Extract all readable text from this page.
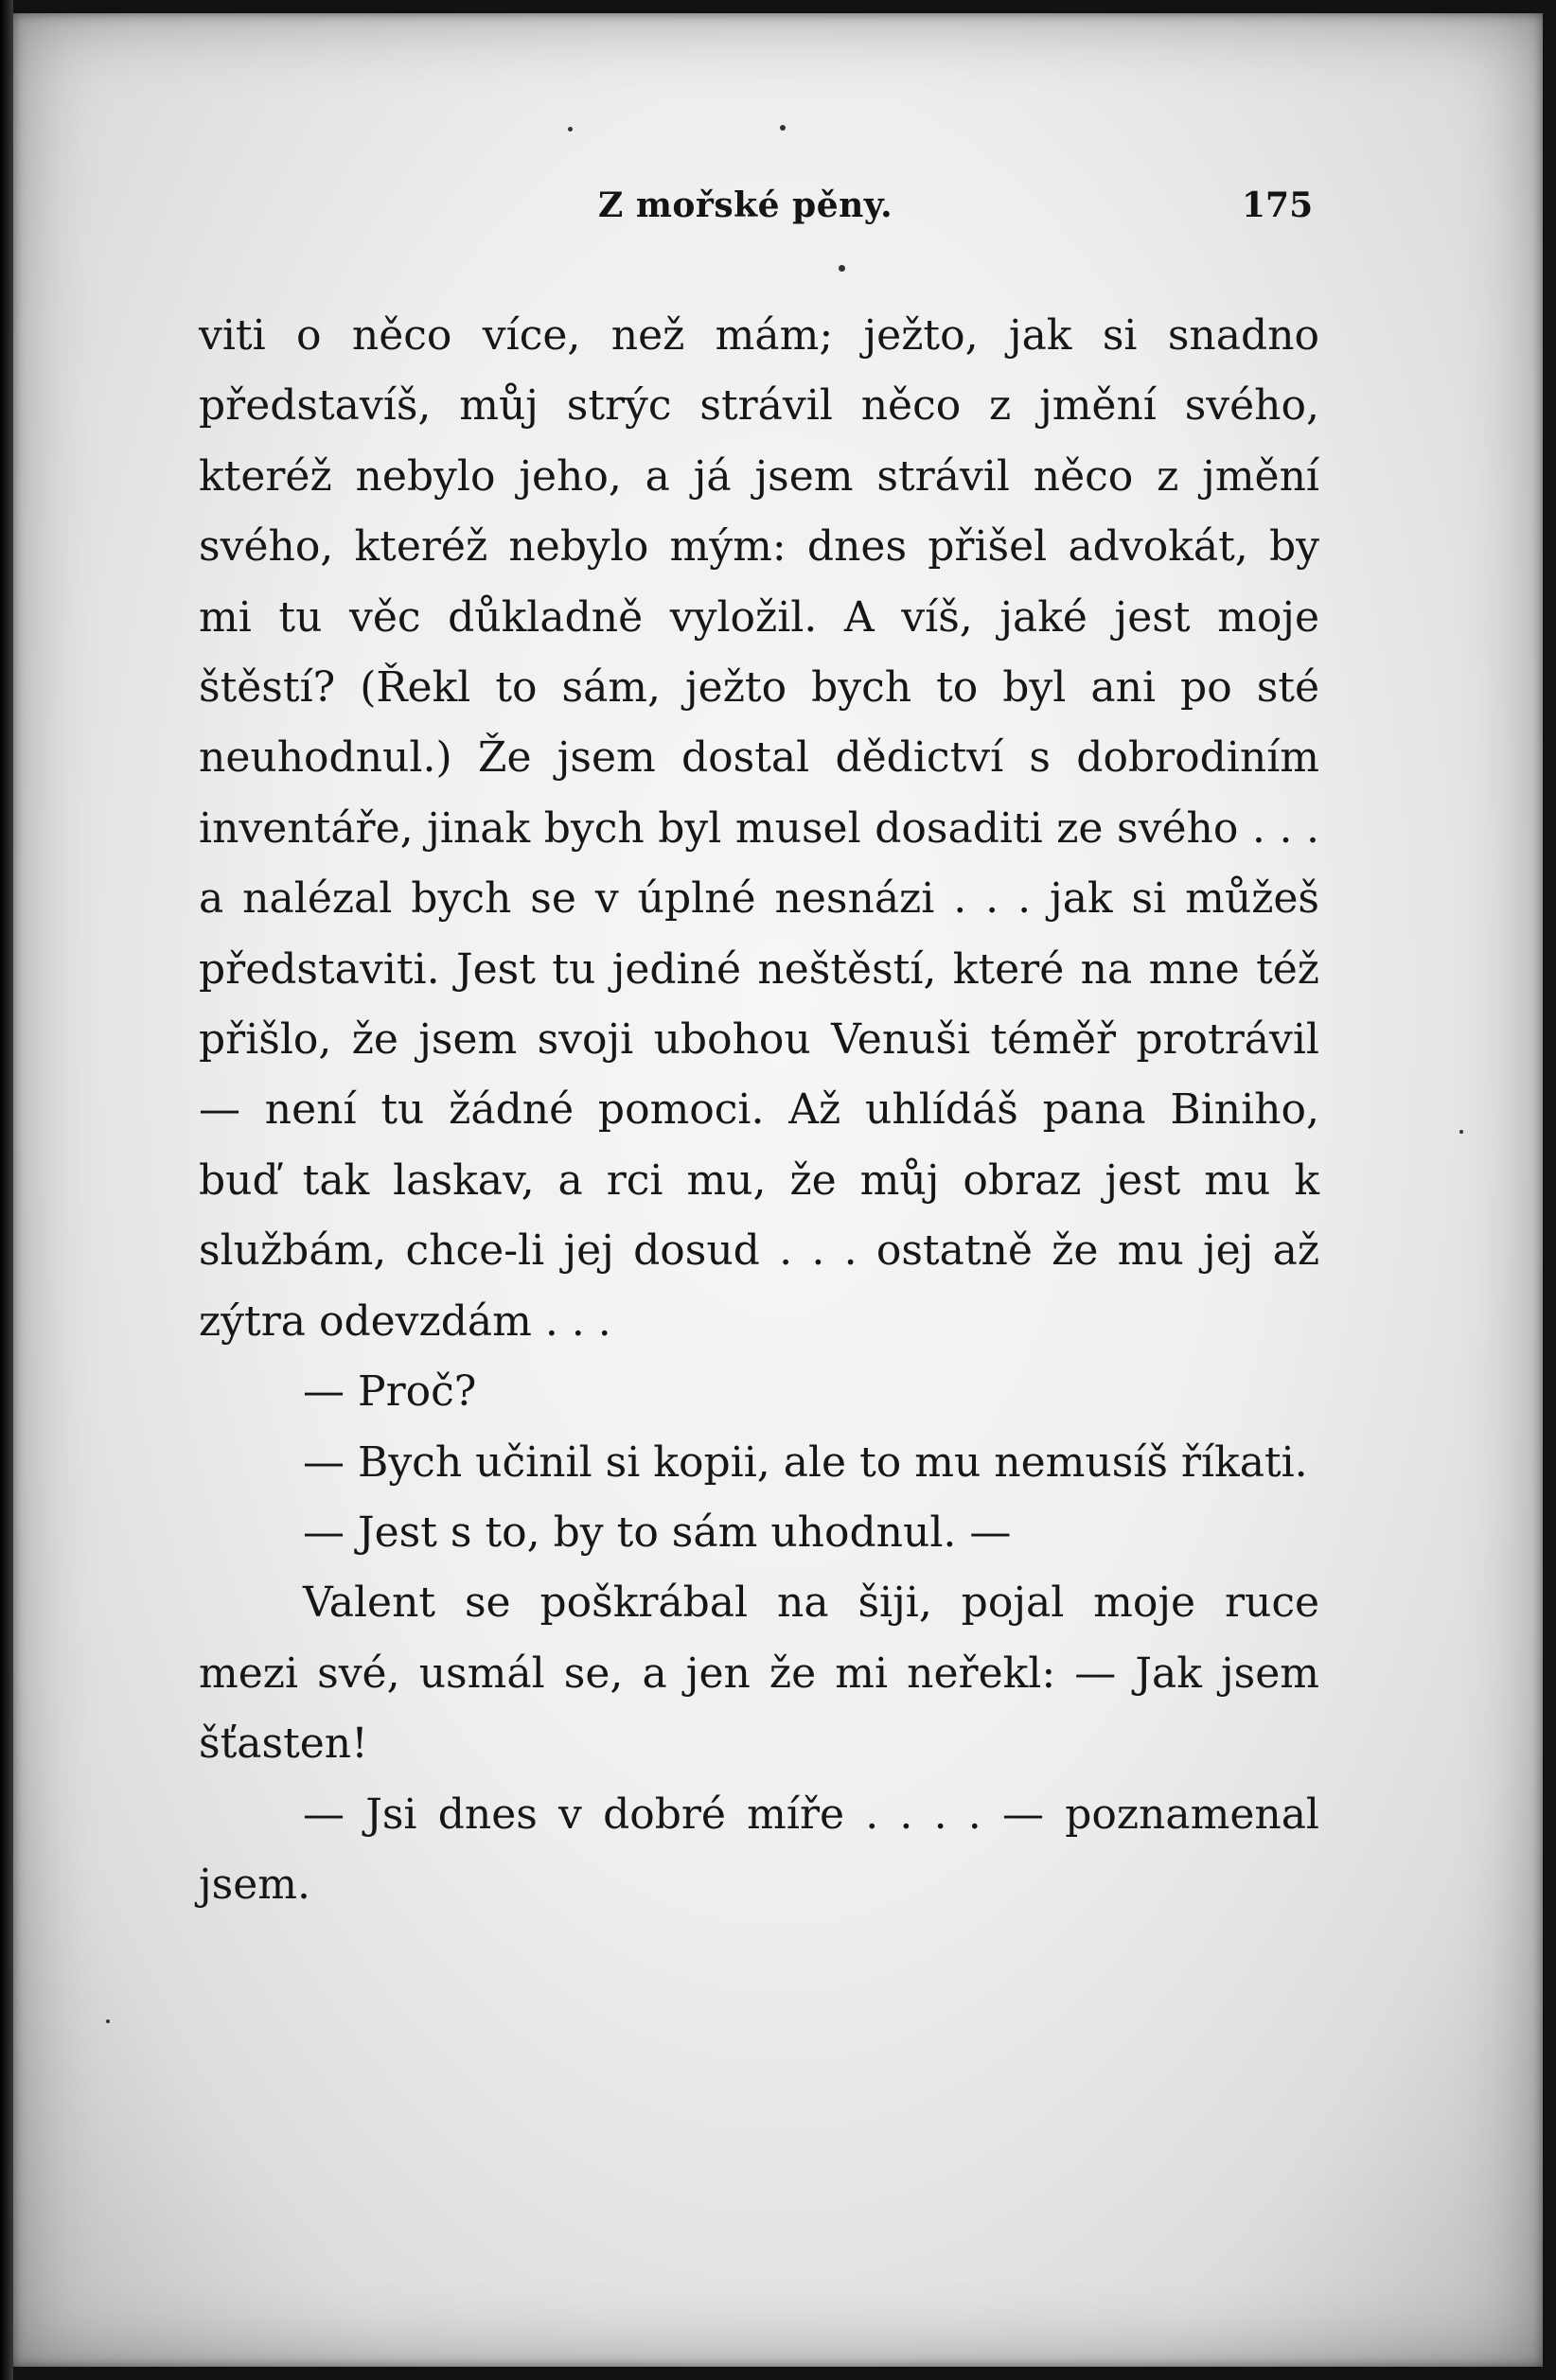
Z mořské pěny.	175

viti o něco více, než mám; ježto, jak si snadno představíš, můj strýc strávil něco z jmění svého, kteréž nebylo jeho, a já jsem strávil něco z jmění svého, kteréž nebylo mým: dnes přišel advokát, by mi tu věc důkladně vyložil. A víš, jaké jest moje štěstí? (Řekl to sám, ježto bych to byl ani po sté neuhodnul.) Že jsem dostal dědictví s dobrodiním inventáře, jinak bych byl musel dosaditi ze svého . . . a nalézal bych se v úplné nesnázi . . . jak si můžeš představiti. Jest tu jediné neštěstí, které na mne též přišlo, že jsem svoji ubohou Venuši téměř protrávil — není tu žádné pomoci. Až uhlídáš pana Biniho, buď tak laskav, a rci mu, že můj obraz jest mu k službám, chce-li jej dosud . . . ostatně že mu jej až zýtra odevzdám . . .

— Proč?

— Bych učinil si kopii, ale to mu nemusíš říkati.

— Jest s to, by to sám uhodnul. —

Valent se poškrábal na šiji, pojal moje ruce mezi své, usmál se, a jen že mi neřekl: — Jak jsem šťasten!

— Jsi dnes v dobré míře . . . . — poznamenal jsem.
